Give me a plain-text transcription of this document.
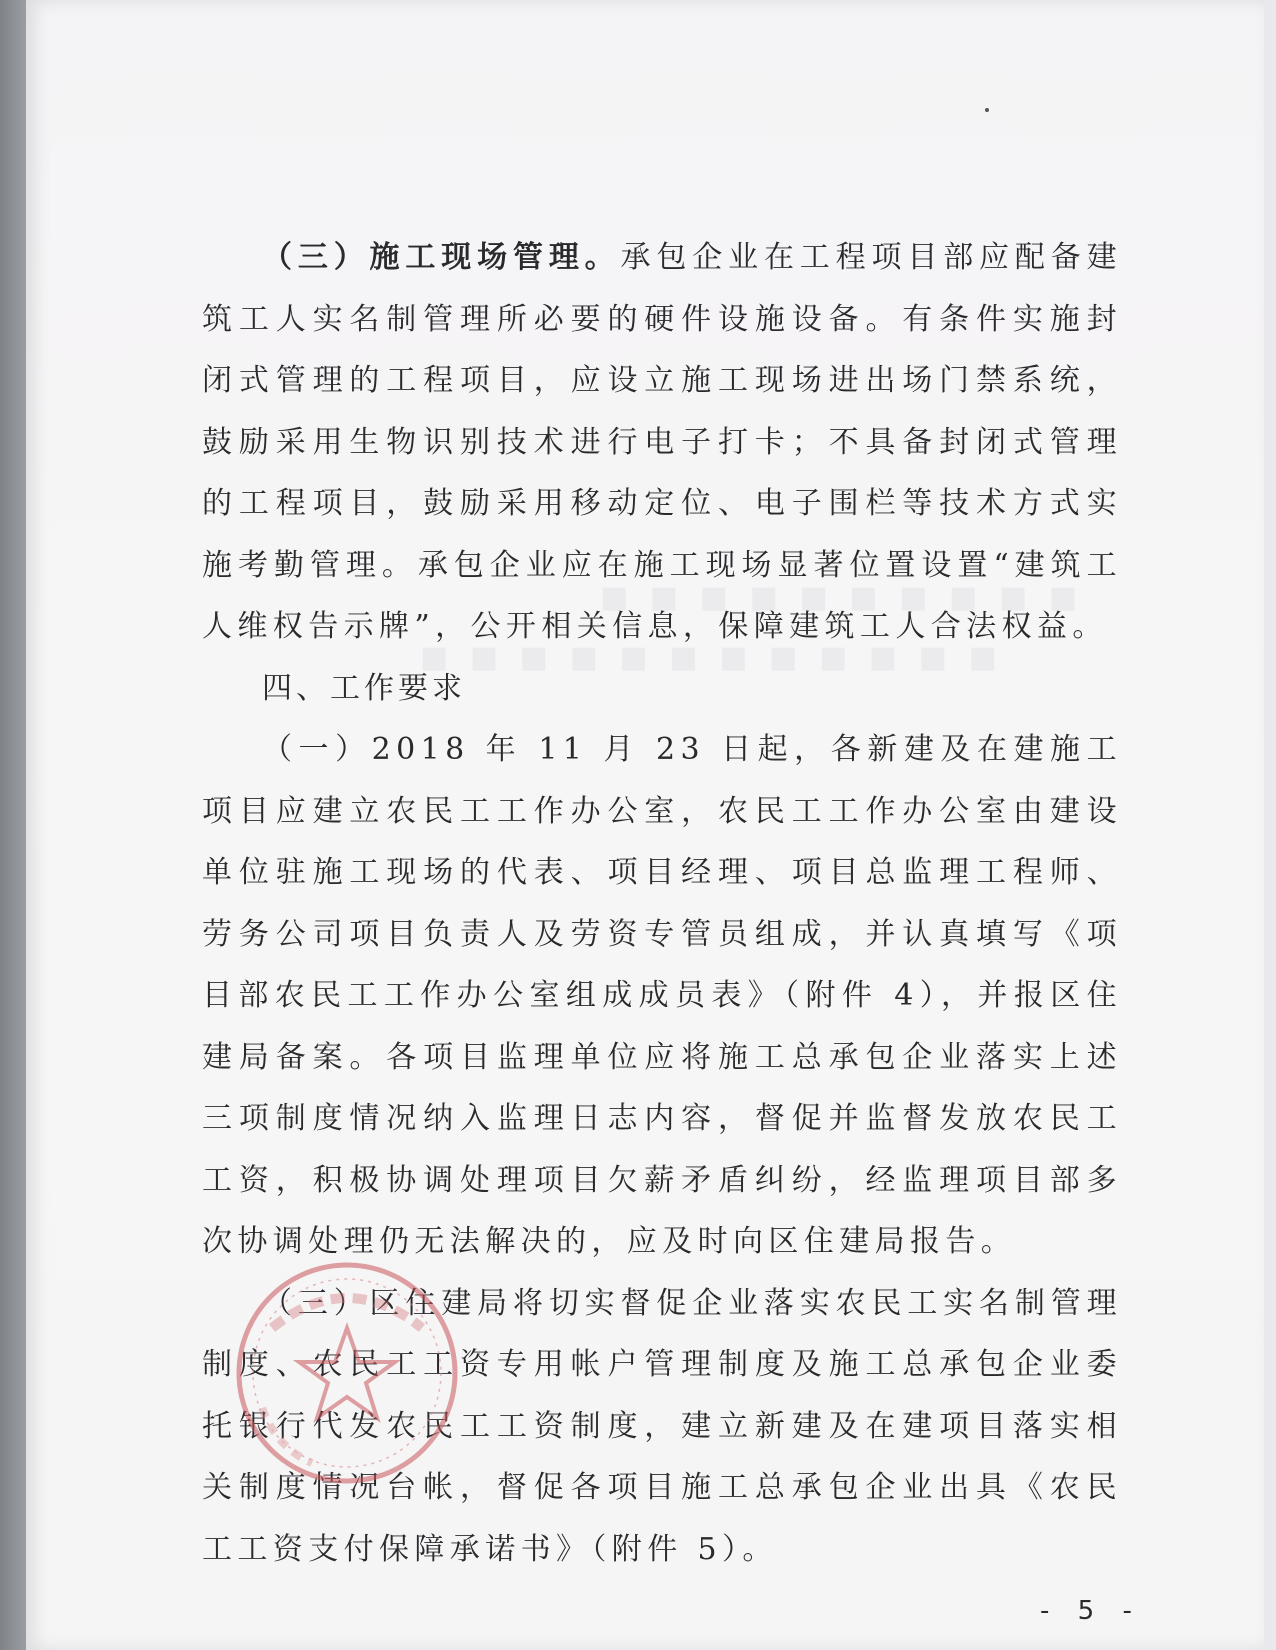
■ ■ ■ ■ ■ ■ ■ ■ ■ ■
■ ■ ■ ■ ■ ■ ■ ■ ■ ■ ■ ■

（三）施工现场管理。承包企业在工程项目部应配备建筑工人实名制管理所必要的硬件设施设备。有条件实施封闭式管理的工程项目，应设立施工现场进出场门禁系统，鼓励采用生物识别技术进行电子打卡；不具备封闭式管理的工程项目，鼓励采用移动定位、电子围栏等技术方式实施考勤管理。承包企业应在施工现场显著位置设置“建筑工人维权告示牌”，公开相关信息，保障建筑工人合法权益。

四、工作要求

（一）2018 年 11 月 23 日起，各新建及在建施工项目应建立农民工工作办公室，农民工工作办公室由建设单位驻施工现场的代表、项目经理、项目总监理工程师、劳务公司项目负责人及劳资专管员组成，并认真填写《项目部农民工工作办公室组成成员表》（附件 4），并报区住建局备案。各项目监理单位应将施工总承包企业落实上述三项制度情况纳入监理日志内容，督促并监督发放农民工工资，积极协调处理项目欠薪矛盾纠纷，经监理项目部多次协调处理仍无法解决的，应及时向区住建局报告。

（三）区住建局将切实督促企业落实农民工实名制管理制度、农民工工资专用帐户管理制度及施工总承包企业委托银行代发农民工工资制度，建立新建及在建项目落实相关制度情况台帐，督促各项目施工总承包企业出具《农民工工资支付保障承诺书》（附件 5）。

- 5 -
